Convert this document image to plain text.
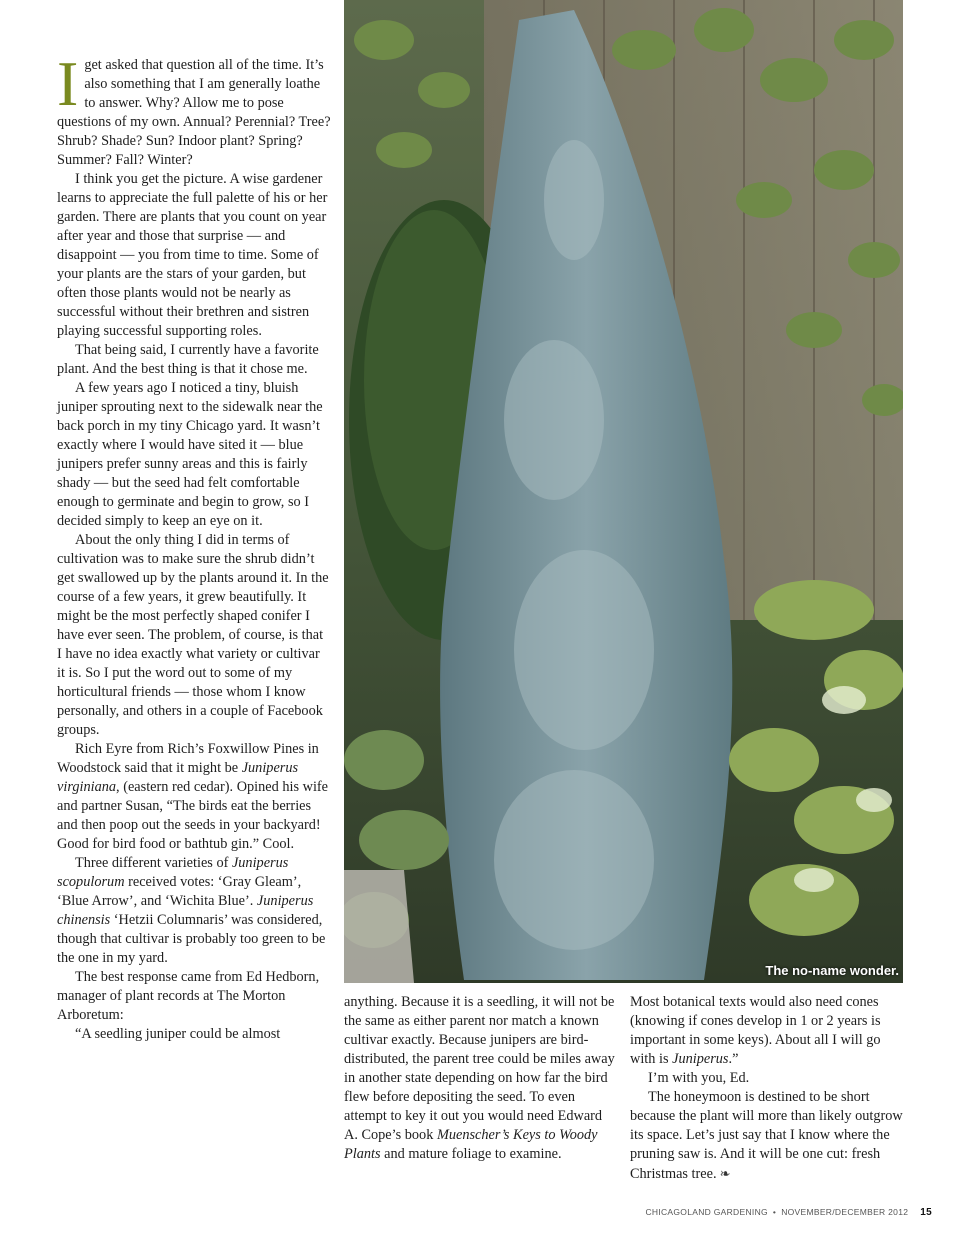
Iget asked that question all of the time. It’s also something that I am generally loathe to answer. Why? Allow me to pose questions of my own. Annual? Perennial? Tree? Shrub? Shade? Sun? Indoor plant? Spring? Summer? Fall? Winter?

I think you get the picture. A wise gardener learns to appreciate the full palette of his or her garden. There are plants that you count on year after year and those that surprise — and disappoint — you from time to time. Some of your plants are the stars of your garden, but often those plants would not be nearly as successful without their brethren and sistren playing successful supporting roles.

That being said, I currently have a favorite plant. And the best thing is that it chose me.

A few years ago I noticed a tiny, bluish juniper sprouting next to the sidewalk near the back porch in my tiny Chicago yard. It wasn’t exactly where I would have sited it — blue junipers prefer sunny areas and this is fairly shady — but the seed had felt comfortable enough to germinate and begin to grow, so I decided simply to keep an eye on it.

About the only thing I did in terms of cultivation was to make sure the shrub didn’t get swallowed up by the plants around it. In the course of a few years, it grew beautifully. It might be the most perfectly shaped conifer I have ever seen. The problem, of course, is that I have no idea exactly what variety or cultivar it is. So I put the word out to some of my horticultural friends — those whom I know personally, and others in a couple of Facebook groups.

Rich Eyre from Rich’s Foxwillow Pines in Woodstock said that it might be Juniperus virginiana, (eastern red cedar). Opined his wife and partner Susan, “The birds eat the berries and then poop out the seeds in your backyard! Good for bird food or bathtub gin.” Cool.

Three different varieties of Juniperus scopulorum received votes: ‘Gray Gleam’, ‘Blue Arrow’, and ‘Wichita Blue’. Juniperus chinensis ‘Hetzii Columnaris’ was considered, though that cultivar is probably too green to be the one in my yard.

The best response came from Ed Hedborn, manager of plant records at The Morton Arboretum:

“A seedling juniper could be almost

The no-name wonder.

anything. Because it is a seedling, it will not be the same as either parent nor match a known cultivar exactly. Because junipers are bird-distributed, the parent tree could be miles away in another state depending on how far the bird flew before depositing the seed. To even attempt to key it out you would need Edward A. Cope’s book Muenscher’s Keys to Woody Plants and mature foliage to examine.

Most botanical texts would also need cones (knowing if cones develop in 1 or 2 years is important in some keys). About all I will go with is Juniperus.”

I’m with you, Ed.

The honeymoon is destined to be short because the plant will more than likely outgrow its space. Let’s just say that I know where the pruning saw is. And it will be one cut: fresh Christmas tree. ❧

CHICAGOLAND GARDENING • NOVEMBER/DECEMBER 2012 15
